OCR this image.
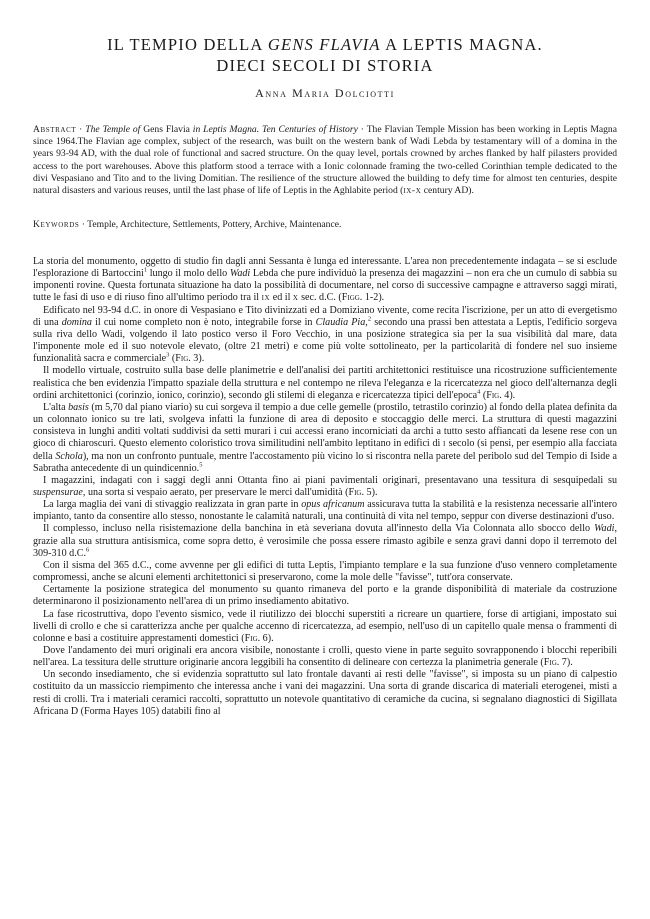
IL TEMPIO DELLA GENS FLAVIA A LEPTIS MAGNA.
DIECI SECOLI DI STORIA
Anna Maria Dolciotti

Abstract · The Temple of Gens Flavia in Leptis Magna. Ten Centuries of History · The Flavian Temple Mission has been working in Leptis Magna since 1964.The Flavian age complex, subject of the research, was built on the western bank of Wadi Lebda by testamentary will of a domina in the years 93-94 AD, with the dual role of functional and sacred structure. On the quay level, portals crowned by arches flanked by half pilasters provided access to the port warehouses. Above this platform stood a terrace with a Ionic colonnade framing the two-celled Corinthian temple dedicated to the divi Vespasiano and Tito and to the living Domitian. The resilience of the structure allowed the building to defy time for almost ten centuries, despite natural disasters and various reuses, until the last phase of life of Leptis in the Aghlabite period (ix-x century AD).

Keywords · Temple, Architecture, Settlements, Pottery, Archive, Maintenance.

La storia del monumento, oggetto di studio fin dagli anni Sessanta è lunga ed interessante. L'area non precedentemente indagata – se si esclude l'esplorazione di Bartoccini$^1$ lungo il molo dello Wadi Lebda che pure individuò la presenza dei magazzini – non era che un cumulo di sabbia su imponenti rovine. Questa fortunata situazione ha dato la possibilità di documentare, nel corso di successive campagne e attraverso saggi mirati, tutte le fasi di uso e di riuso fino all'ultimo periodo tra il ix ed il x sec. d.C. (Figg. 1-2).

Edificato nel 93-94 d.C. in onore di Vespasiano e Tito divinizzati ed a Domiziano vivente, come recita l'iscrizione, per un atto di evergetismo di una domina il cui nome completo non è noto, integrabile forse in Claudia Pia,$^2$ secondo una prassi ben attestata a Leptis, l'edificio sorgeva sulla riva dello Wadi, volgendo il lato postico verso il Foro Vecchio, in una posizione strategica sia per la sua visibilità dal mare, data l'imponente mole ed il suo notevole elevato, (oltre 21 metri) e come più volte sottolineato, per la particolarità di fondere nel suo insieme funzionalità sacra e commerciale$^3$ (Fig. 3).

Il modello virtuale, costruito sulla base delle planimetrie e dell'analisi dei partiti architettonici restituisce una ricostruzione sufficientemente realistica che ben evidenzia l'impatto spaziale della struttura e nel contempo ne rileva l'eleganza e la ricercatezza nel gioco dell'alternanza degli ordini architettonici (corinzio, ionico, corinzio), secondo gli stilemi di eleganza e ricercatezza tipici dell'epoca$^4$ (Fig. 4).

L'alta basis (m 5,70 dal piano viario) su cui sorgeva il tempio a due celle gemelle (prostilo, tetrastilo corinzio) al fondo della platea definita da un colonnato ionico su tre lati, svolgeva infatti la funzione di area di deposito e stoccaggio delle merci. La struttura di questi magazzini consisteva in lunghi anditi voltati suddivisi da setti murari i cui accessi erano incorniciati da archi a tutto sesto affiancati da lesene rese con un gioco di chiaroscuri. Questo elemento coloristico trova similitudini nell'ambito leptitano in edifici di i secolo (si pensi, per esempio alla facciata della Schola), ma non un confronto puntuale, mentre l'accostamento più vicino lo si riscontra nella parete del peribolo sud del Tempio di Iside a Sabratha antecedente di un quindicennio.$^5$

I magazzini, indagati con i saggi degli anni Ottanta fino ai piani pavimentali originari, presentavano una tessitura di sesquipedali su suspensurae, una sorta si vespaio aerato, per preservare le merci dall'umidità (Fig. 5).

La larga maglia dei vani di stivaggio realizzata in gran parte in opus africanum assicurava tutta la stabilità e la resistenza necessarie all'intero impianto, tanto da consentire allo stesso, nonostante le calamità naturali, una continuità di vita nel tempo, seppur con diverse destinazioni d'uso.

Il complesso, incluso nella risistemazione della banchina in età severiana dovuta all'innesto della Via Colonnata allo sbocco dello Wadi, grazie alla sua struttura antisismica, come sopra detto, è verosimile che possa essere rimasto agibile e senza gravi danni dopo il terremoto del 309-310 d.C.$^6$

Con il sisma del 365 d.C., come avvenne per gli edifici di tutta Leptis, l'impianto templare e la sua funzione d'uso vennero completamente compromessi, anche se alcuni elementi architettonici si preservarono, come la mole delle "favisse", tutt'ora conservate.

Certamente la posizione strategica del monumento su quanto rimaneva del porto e la grande disponibilità di materiale da costruzione determinarono il posizionamento nell'area di un primo insediamento abitativo.

La fase ricostruttiva, dopo l'evento sismico, vede il riutilizzo dei blocchi superstiti a ricreare un quartiere, forse di artigiani, impostato sui livelli di crollo e che si caratterizza anche per qualche accenno di ricercatezza, ad esempio, nell'uso di un capitello quale mensa o frammenti di colonne e basi a costituire apprestamenti domestici (Fig. 6).

Dove l'andamento dei muri originali era ancora visibile, nonostante i crolli, questo viene in parte seguito sovrapponendo i blocchi reperibili nell'area. La tessitura delle strutture originarie ancora leggibili ha consentito di delineare con certezza la planimetria generale (Fig. 7).

Un secondo insediamento, che si evidenzia soprattutto sul lato frontale davanti ai resti delle "favisse", si imposta su un piano di calpestio costituito da un massiccio riempimento che interessa anche i vani dei magazzini. Una sorta di grande discarica di materiali eterogenei, misti a resti di crolli. Tra i materiali ceramici raccolti, soprattutto un notevole quantitativo di ceramiche da cucina, si segnalano diagnostici di Sigillata Africana D (Forma Hayes 105) databili fino al
